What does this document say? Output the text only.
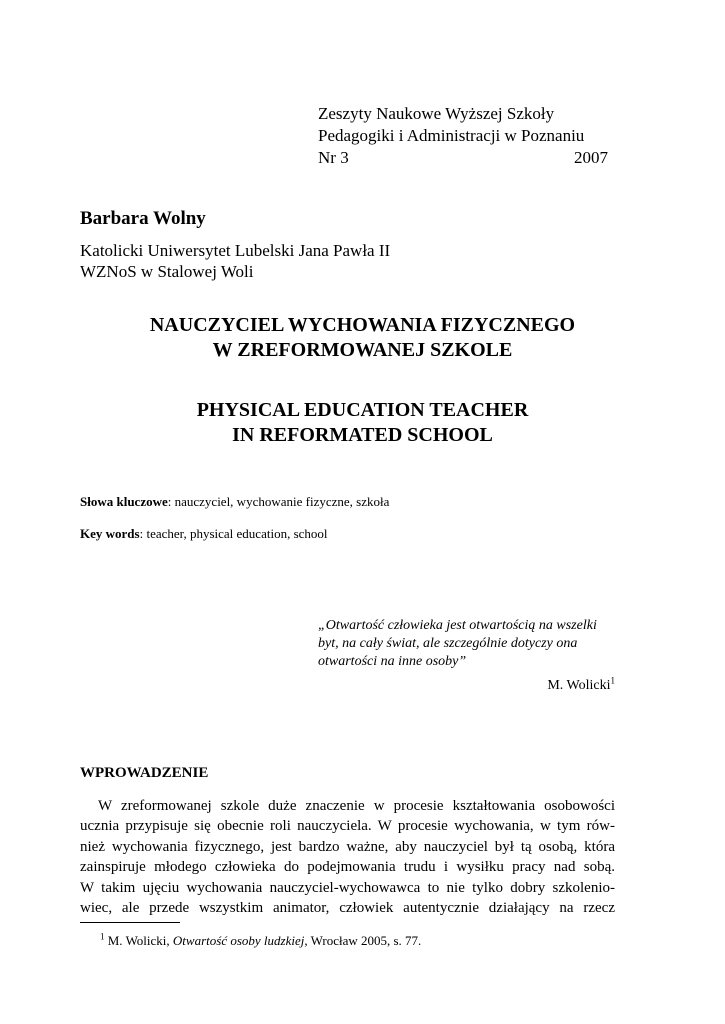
Zeszyty Naukowe Wyższej Szkoły
Pedagogiki i Administracji w Poznaniu
Nr 3	2007
Barbara Wolny
Katolicki Uniwersytet Lubelski Jana Pawła II
WZNoS w Stalowej Woli
NAUCZYCIEL WYCHOWANIA FIZYCZNEGO
W ZREFORMOWANEJ SZKOLE
PHYSICAL EDUCATION TEACHER
IN REFORMATED SCHOOL
Słowa kluczowe: nauczyciel, wychowanie fizyczne, szkoła
Key words: teacher, physical education, school
„Otwartość człowieka jest otwartością na wszelki
byt, na cały świat, ale szczególnie dotyczy ona
otwartości na inne osoby”
M. Wolicki$^1$
WPROWADZENIE
W zreformowanej szkole duże znaczenie w procesie kształtowania osobowości
ucznia przypisuje się obecnie roli nauczyciela. W procesie wychowania, w tym rów-
nież wychowania fizycznego, jest bardzo ważne, aby nauczyciel był tą osobą, która
zainspiruje młodego człowieka do podejmowania trudu i wysiłku pracy nad sobą.
W takim ujęciu wychowania nauczyciel-wychowawca to nie tylko dobry szkolenio-
wiec, ale przede wszystkim animator, człowiek autentycznie działający na rzecz
$^1$ M. Wolicki, Otwartość osoby ludzkiej, Wrocław 2005, s. 77.
